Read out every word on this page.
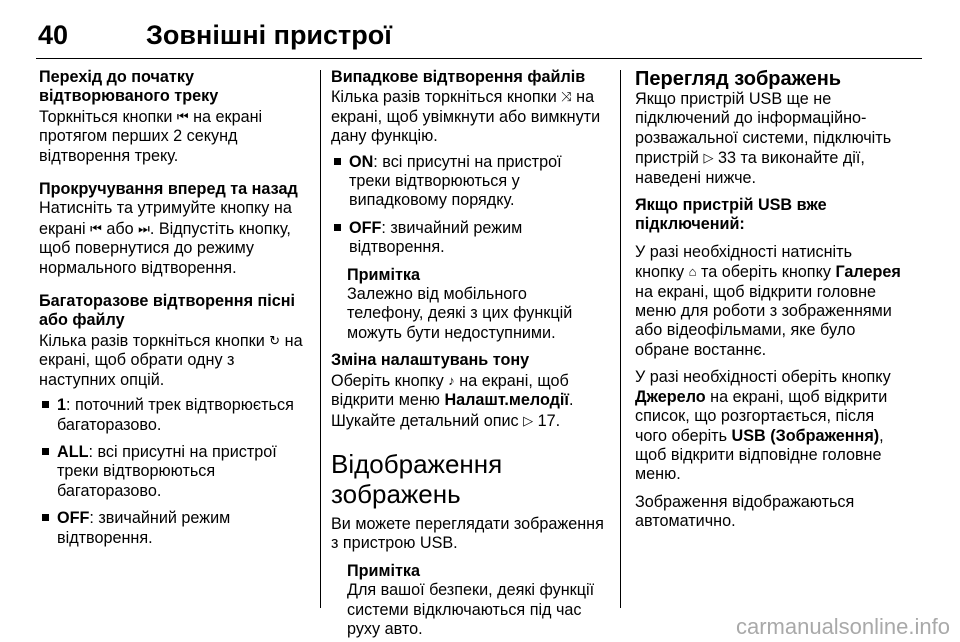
40	Зовнішні пристрої

Перехід до початку відтворюваного треку

Торкніться кнопки ⏮ на екрані протягом перших 2 секунд відтворення треку.

Прокручування вперед та назад

Натисніть та утримуйте кнопку на екрані ⏮ або ⏭. Відпустіть кнопку, щоб повернутися до режиму нормального відтворення.

Багаторазове відтворення пісні або файлу

Кілька разів торкніться кнопки ↻ на екрані, щоб обрати одну з наступних опцій.

1: поточний трек відтворюється багаторазово.
ALL: всі присутні на пристрої треки відтворюються багаторазово.
OFF: звичайний режим відтворення.

Випадкове відтворення файлів

Кілька разів торкніться кнопки ⤨ на екрані, щоб увімкнути або вимкнути дану функцію.

ON: всі присутні на пристрої треки відтворюються у випадковому порядку.
OFF: звичайний режим відтворення.

Примітка

Залежно від мобільного телефону, деякі з цих функцій можуть бути недоступними.

Зміна налаштувань тону

Оберіть кнопку ♪ на екрані, щоб відкрити меню Налашт.мелодії. Шукайте детальний опис ▷ 17.

Відображення зображень

Ви можете переглядати зображення з пристрою USB.

Примітка

Для вашої безпеки, деякі функції системи відключаються під час руху авто.

Перегляд зображень

Якщо пристрій USB ще не підключений до інформаційно-розважальної системи, підключіть пристрій ▷ 33 та виконайте дії, наведені нижче.

Якщо пристрій USB вже підключений:

У разі необхідності натисніть кнопку ⌂ та оберіть кнопку Галерея на екрані, щоб відкрити головне меню для роботи з зображеннями або відеофільмами, яке було обране востаннє.

У разі необхідності оберіть кнопку Джерело на екрані, щоб відкрити список, що розгортається, після чого оберіть USB (Зображення), щоб відкрити відповідне головне меню.

Зображення відображаються автоматично.

carmanualsonline.info
